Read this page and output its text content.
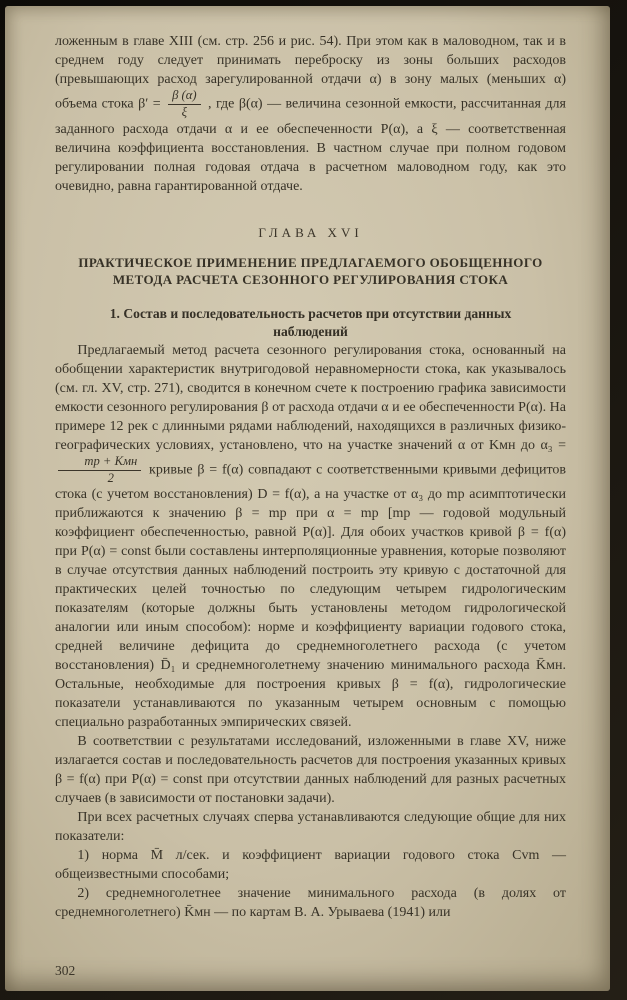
ложенным в главе XIII (см. стр. 256 и рис. 54). При этом как в маловодном, так и в среднем году следует принимать переброску из зоны больших расходов (превышающих расход зарегулированной отдачи α) в зону малых (меньших α) объема стока $\beta' = \frac{\beta (\alpha)}{\xi}$ , где β(α) — величина сезонной емкости, рассчитанная для заданного расхода отдачи α и ее обеспеченности P(α), а ξ — соответственная величина коэффициента восстановления. В частном случае при полном годовом регулировании полная годовая отдача в расчетном маловодном году, как это очевидно, равна гарантированной отдаче.

ГЛАВА XVI
ПРАКТИЧЕСКОЕ ПРИМЕНЕНИЕ ПРЕДЛАГАЕМОГО ОБОБЩЕННОГО МЕТОДА РАСЧЕТА СЕЗОННОГО РЕГУЛИРОВАНИЯ СТОКА
1. Состав и последовательность расчетов при отсутствии данных наблюдений

Предлагаемый метод расчета сезонного регулирования стока, основанный на обобщении характеристик внутригодовой неравномерности стока, как указывалось (см. гл. XV, стр. 271), сводится в конечном счете к построению графика зависимости емкости сезонного регулирования β от расхода отдачи α и ее обеспеченности P(α). На примере 12 рек с длинными рядами наблюдений, находящихся в различных физико-географических условиях, установлено, что на участке значений α от Kмн до α₃ =
$\frac{\text{mp + Kмн}}{2}$ кривые β = f(α) совпадают с соответственными кривыми дефицитов стока (с учетом восстановления) D = f(α), а на участке от α₃ до mp асимптотически приближаются к значению β = mp при α = mp [mp — годовой модульный коэффициент обеспеченностью, равной P(α)]. Для обоих участков кривой β = f(α) при P(α) = const были составлены интерполяционные уравнения, которые позволяют в случае отсутствия данных наблюдений построить эту кривую с достаточной для практических целей точностью по следующим четырем гидрологическим показателям (которые должны быть установлены методом гидрологической аналогии или иным способом): норме и коэффициенту вариации годового стока, средней величине дефицита до среднемноголетнего расхода (с учетом восстановления) D̄₁ и среднемноголетнему значению минимального расхода K̄мн. Остальные, необходимые для построения кривых β = f(α), гидрологические показатели устанавливаются по указанным четырем основным с помощью специально разработанных эмпирических связей.

В соответствии с результатами исследований, изложенными в главе XV, ниже излагается состав и последовательность расчетов для построения указанных кривых β = f(α) при P(α) = const при отсутствии данных наблюдений для разных расчетных случаев (в зависимости от постановки задачи).

При всех расчетных случаях сперва устанавливаются следующие общие для них показатели:

1) норма M̄ л/сек. и коэффициент вариации годового стока Cvm — общеизвестными способами;

2) среднемноголетнее значение минимального расхода (в долях от среднемноголетнего) K̄мн — по картам В. А. Урываева (1941) или

302
